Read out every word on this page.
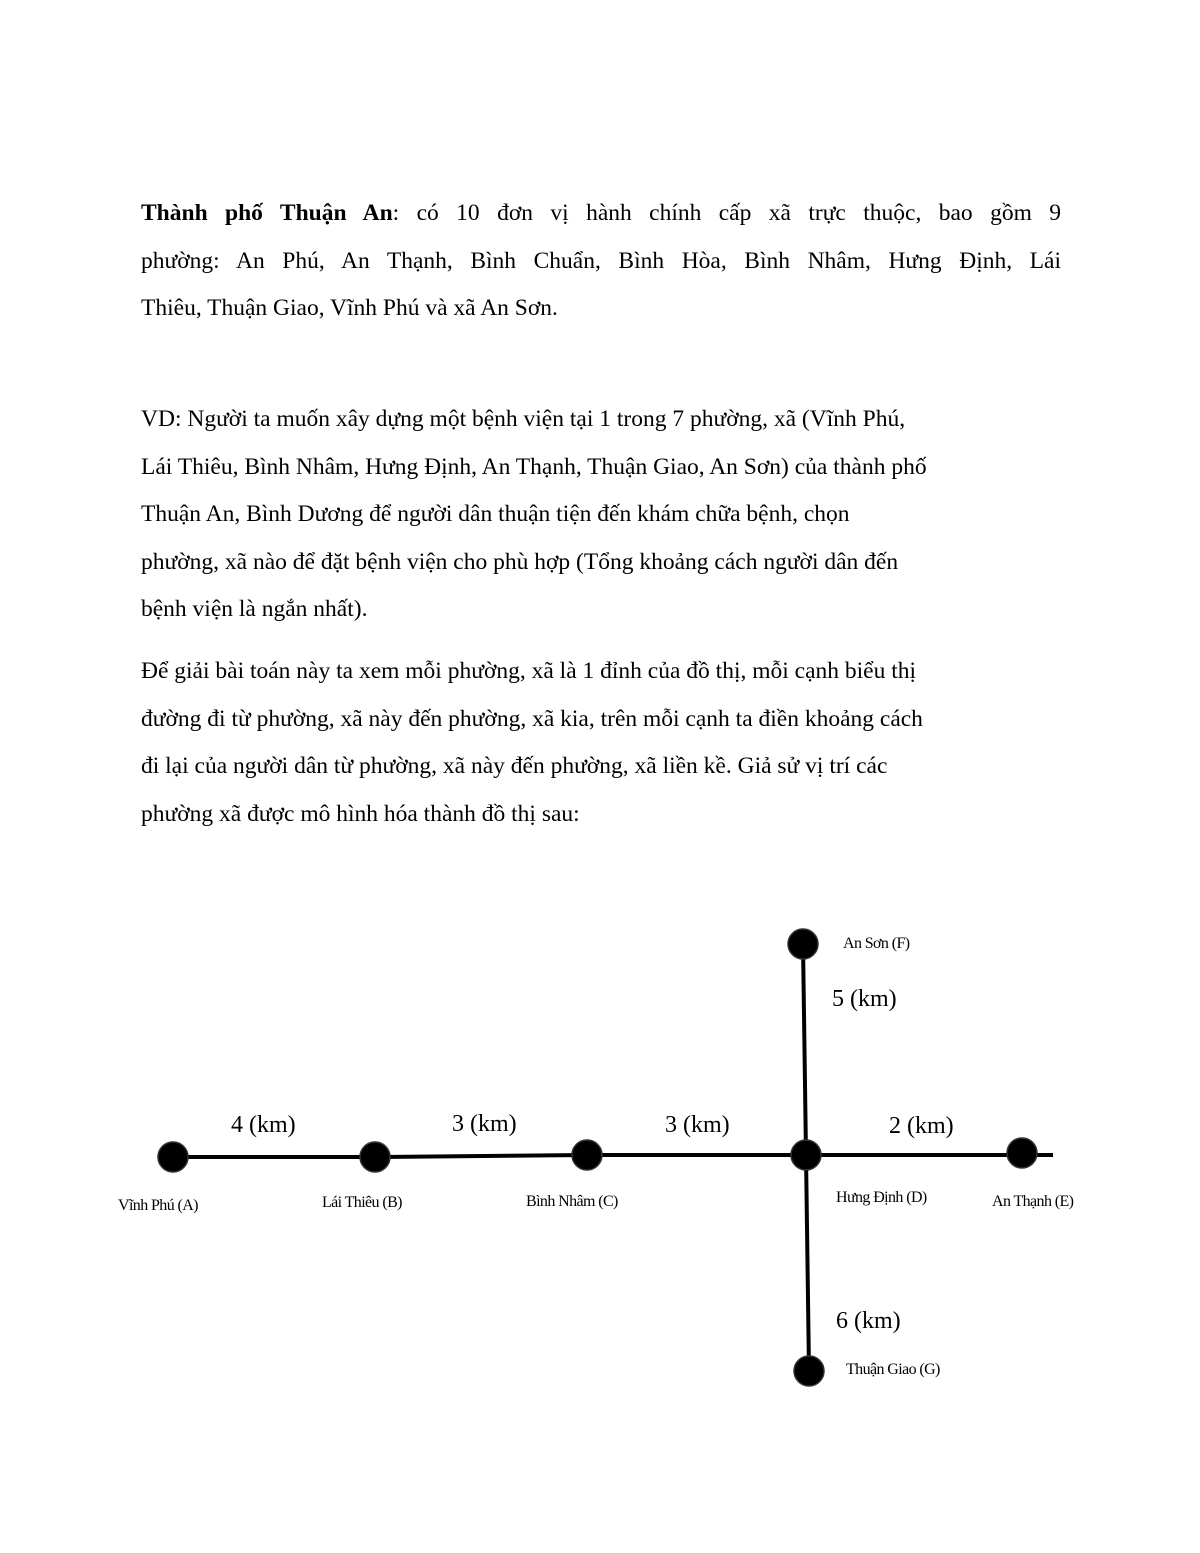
Thành phố Thuận An: có 10 đơn vị hành chính cấp xã trực thuộc, bao gồm 9
phường: An Phú, An Thạnh, Bình Chuẩn, Bình Hòa, Bình Nhâm, Hưng Định, Lái
Thiêu, Thuận Giao, Vĩnh Phú và xã An Sơn.

VD: Người ta muốn xây dựng một bệnh viện tại 1 trong 7 phường, xã (Vĩnh Phú,
Lái Thiêu, Bình Nhâm, Hưng Định, An Thạnh, Thuận Giao, An Sơn) của thành phố
Thuận An, Bình Dương để người dân thuận tiện đến khám chữa bệnh, chọn
phường, xã nào để đặt bệnh viện cho phù hợp (Tổng khoảng cách người dân đến
bệnh viện là ngắn nhất).

Để giải bài toán này ta xem mỗi phường, xã là 1 đỉnh của đồ thị, mỗi cạnh biểu thị
đường đi từ phường, xã này đến phường, xã kia, trên mỗi cạnh ta điền khoảng cách
đi lại của người dân từ phường, xã này đến phường, xã liền kề. Giả sử vị trí các
phường xã được mô hình hóa thành đồ thị sau:

Vĩnh Phú (A)	Lái Thiêu (B)	Bình Nhâm (C)	Hưng Định (D)	An Thạnh (E)
An Sơn (F)
Thuận Giao (G)
4 (km)	3 (km)	3 (km)	2 (km)
5 (km)
6 (km)
